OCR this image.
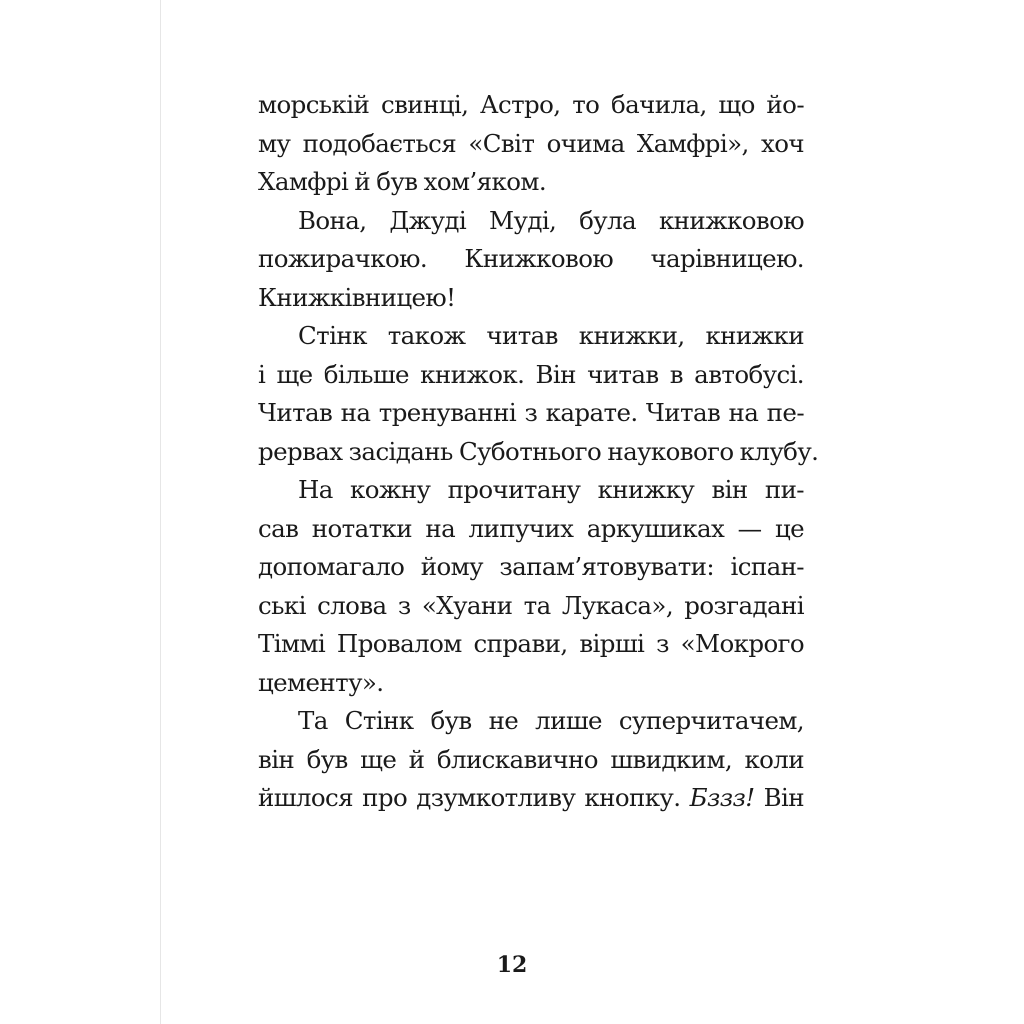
морській свинці, Астро, то бачила, що йо-
му подобається «Світ очима Хамфрі», хоч
Хамфрі й був хом’яком.
Вона, Джуді Муді, була книжковою
пожирачкою. Книжковою чарівницею.
Книжківницею!
Стінк також читав книжки, книжки
і ще більше книжок. Він читав в автобусі.
Читав на тренуванні з карате. Читав на пе-
рервах засідань Суботнього наукового клубу.
На кожну прочитану книжку він пи-
сав нотатки на липучих аркушиках — це
допомагало йому запам’ятовувати: іспан-
ські слова з «Хуани та Лукаса», розгадані
Тіммі Провалом справи, вірші з «Мокрого
цементу».
Та Стінк був не лише суперчитачем,
він був ще й блискавично швидким, коли
йшлося про дзумкотливу кнопку. Бззз! Він
12
